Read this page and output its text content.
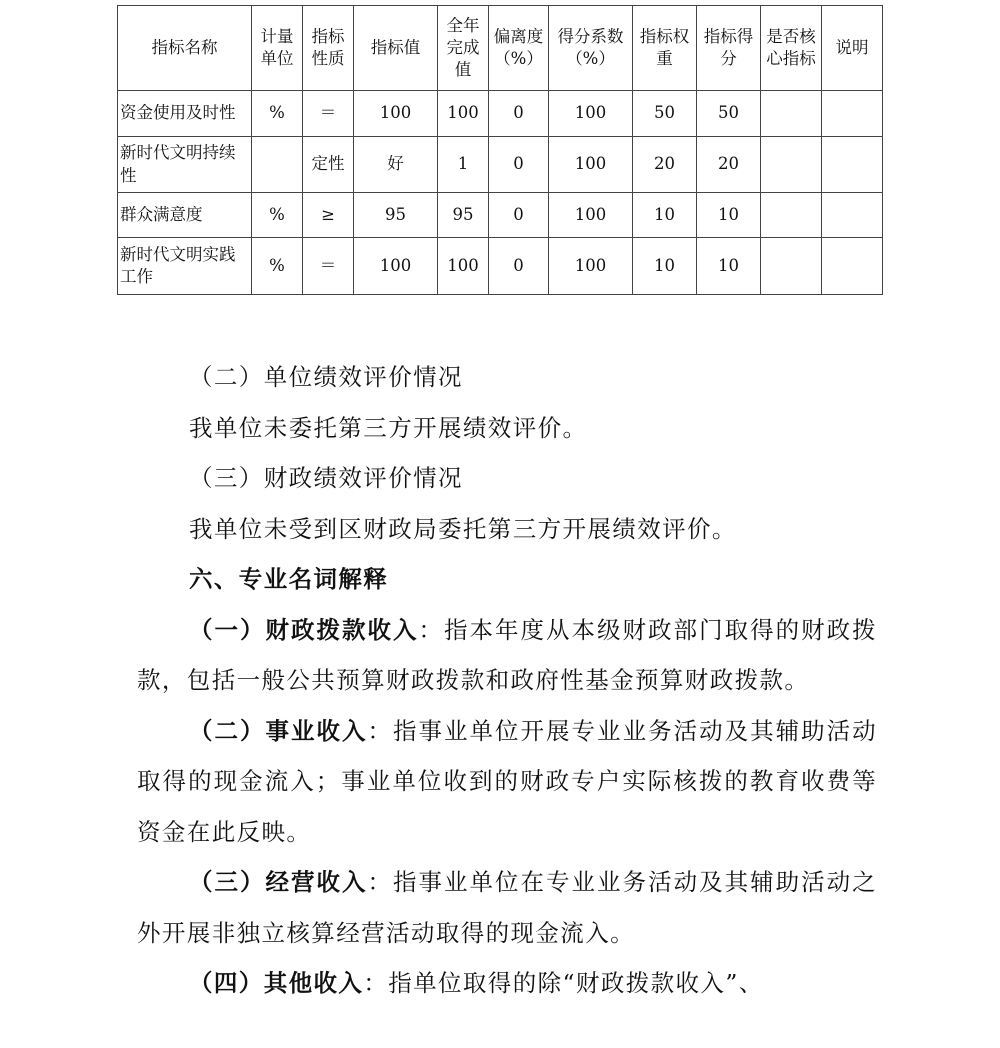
指标名称	计量单位	指标性质	指标值	全年完成值	偏离度（%）	得分系数（%）	指标权重	指标得分	是否核心指标	说明
资金使用及时性	%	＝	100	100	0	100	50	50		
新时代文明持续性		定性	好	1	0	100	20	20		
群众满意度	%	≥	95	95	0	100	10	10		
新时代文明实践工作	%	＝	100	100	0	100	10	10		

（二）单位绩效评价情况

我单位未委托第三方开展绩效评价。

（三）财政绩效评价情况

我单位未受到区财政局委托第三方开展绩效评价。

六、专业名词解释

（一）财政拨款收入：指本年度从本级财政部门取得的财政拨款，包括一般公共预算财政拨款和政府性基金预算财政拨款。

（二）事业收入：指事业单位开展专业业务活动及其辅助活动取得的现金流入；事业单位收到的财政专户实际核拨的教育收费等资金在此反映。

（三）经营收入：指事业单位在专业业务活动及其辅助活动之外开展非独立核算经营活动取得的现金流入。

（四）其他收入：指单位取得的除“财政拨款收入”、
